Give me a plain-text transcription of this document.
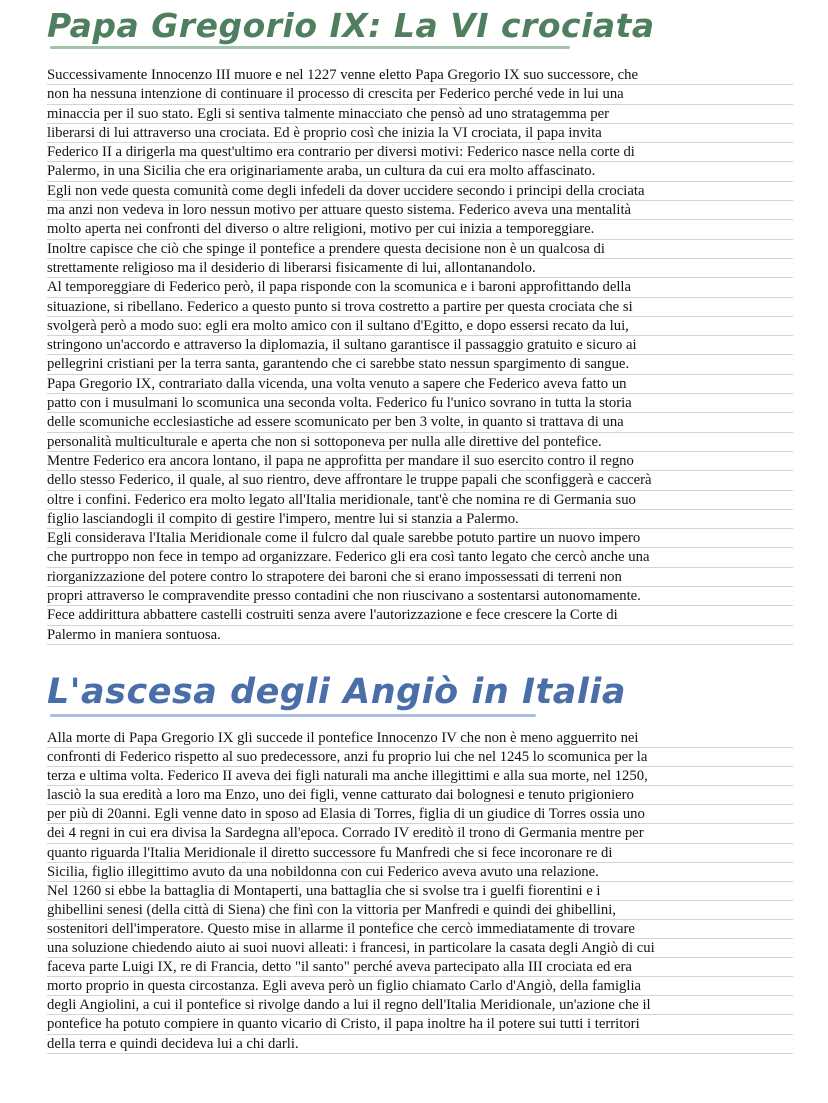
Papa Gregorio IX: La VI crociata
Successivamente Innocenzo III muore e nel 1227 venne eletto Papa Gregorio IX suo successore, che
non ha nessuna intenzione di continuare il processo di crescita per Federico perché vede in lui una
minaccia per il suo stato. Egli si sentiva talmente minacciato che pensò ad uno stratagemma per
liberarsi di lui attraverso una crociata. Ed è proprio così che inizia la VI crociata, il papa invita
Federico II a dirigerla ma quest'ultimo era contrario per diversi motivi: Federico nasce nella corte di
Palermo, in una Sicilia che era originariamente araba, un cultura da cui era molto affascinato.
Egli non vede questa comunità come degli infedeli da dover uccidere secondo i principi della crociata
ma anzi non vedeva in loro nessun motivo per attuare questo sistema. Federico aveva una mentalità
molto aperta nei confronti del diverso o altre religioni, motivo per cui inizia a temporeggiare.
Inoltre capisce che ciò che spinge il pontefice a prendere questa decisione non è un qualcosa di
strettamente religioso ma il desiderio di liberarsi fisicamente di lui, allontanandolo.
Al temporeggiare di Federico però, il papa risponde con la scomunica e i baroni approfittando della
situazione, si ribellano. Federico a questo punto si trova costretto a partire per questa crociata che si
svolgerà però a modo suo: egli era molto amico con il sultano d'Egitto, e dopo essersi recato da lui,
stringono un'accordo e attraverso la diplomazia, il sultano garantisce il passaggio gratuito e sicuro ai
pellegrini cristiani per la terra santa, garantendo che ci sarebbe stato nessun spargimento di sangue.
Papa Gregorio IX, contrariato dalla vicenda, una volta venuto a sapere che Federico aveva fatto un
patto con i musulmani lo scomunica una seconda volta. Federico fu l'unico sovrano in tutta la storia
delle scomuniche ecclesiastiche ad essere scomunicato per ben 3 volte, in quanto si trattava di una
personalità multiculturale e aperta che non si sottoponeva per nulla alle direttive del pontefice.
Mentre Federico era ancora lontano, il papa ne approfitta per mandare il suo esercito contro il regno
dello stesso Federico, il quale, al suo rientro, deve affrontare le truppe papali che sconfiggerà e caccerà
oltre i confini. Federico era molto legato all'Italia meridionale, tant'è che nomina re di Germania suo
figlio lasciandogli il compito di gestire l'impero, mentre lui si stanzia a Palermo.
Egli considerava l'Italia Meridionale come il fulcro dal quale sarebbe potuto partire un nuovo impero
che purtroppo non fece in tempo ad organizzare. Federico gli era così tanto legato che cercò anche una
riorganizzazione del potere contro lo strapotere dei baroni che si erano impossessati di terreni non
propri attraverso le compravendite presso contadini che non riuscivano a sostentarsi autonomamente.
Fece addirittura abbattere castelli costruiti senza avere l'autorizzazione e fece crescere la Corte di
Palermo in maniera sontuosa.
L'ascesa degli Angiò in Italia
Alla morte di Papa Gregorio IX gli succede il pontefice Innocenzo IV che non è meno agguerrito nei
confronti di Federico rispetto al suo predecessore, anzi fu proprio lui che nel 1245 lo scomunica per la
terza e ultima volta. Federico II aveva dei figli naturali ma anche illegittimi e alla sua morte, nel 1250,
lasciò la sua eredità a loro ma Enzo, uno dei figli, venne catturato dai bolognesi e tenuto prigioniero
per più di 20anni. Egli venne dato in sposo ad Elasia di Torres, figlia di un giudice di Torres ossia uno
dei 4 regni in cui era divisa la Sardegna all'epoca. Corrado IV ereditò il trono di Germania mentre per
quanto riguarda l'Italia Meridionale il diretto successore fu Manfredi che si fece incoronare re di
Sicilia, figlio illegittimo avuto da una nobildonna con cui Federico aveva avuto una relazione.
Nel 1260 si ebbe la battaglia di Montaperti, una battaglia che si svolse tra i guelfi fiorentini e i
ghibellini senesi (della città di Siena) che finì con la vittoria per Manfredi e quindi dei ghibellini,
sostenitori dell'imperatore. Questo mise in allarme il pontefice che cercò immediatamente di trovare
una soluzione chiedendo aiuto ai suoi nuovi alleati: i francesi, in particolare la casata degli Angiò di cui
faceva parte Luigi IX, re di Francia, detto "il santo" perché aveva partecipato alla III crociata ed era
morto proprio in questa circostanza. Egli aveva però un figlio chiamato Carlo d'Angiò, della famiglia
degli Angiolini, a cui il pontefice si rivolge dando a lui il regno dell'Italia Meridionale, un'azione che il
pontefice ha potuto compiere in quanto vicario di Cristo, il papa inoltre ha il potere sui tutti i territori
della terra e quindi decideva lui a chi darli.
